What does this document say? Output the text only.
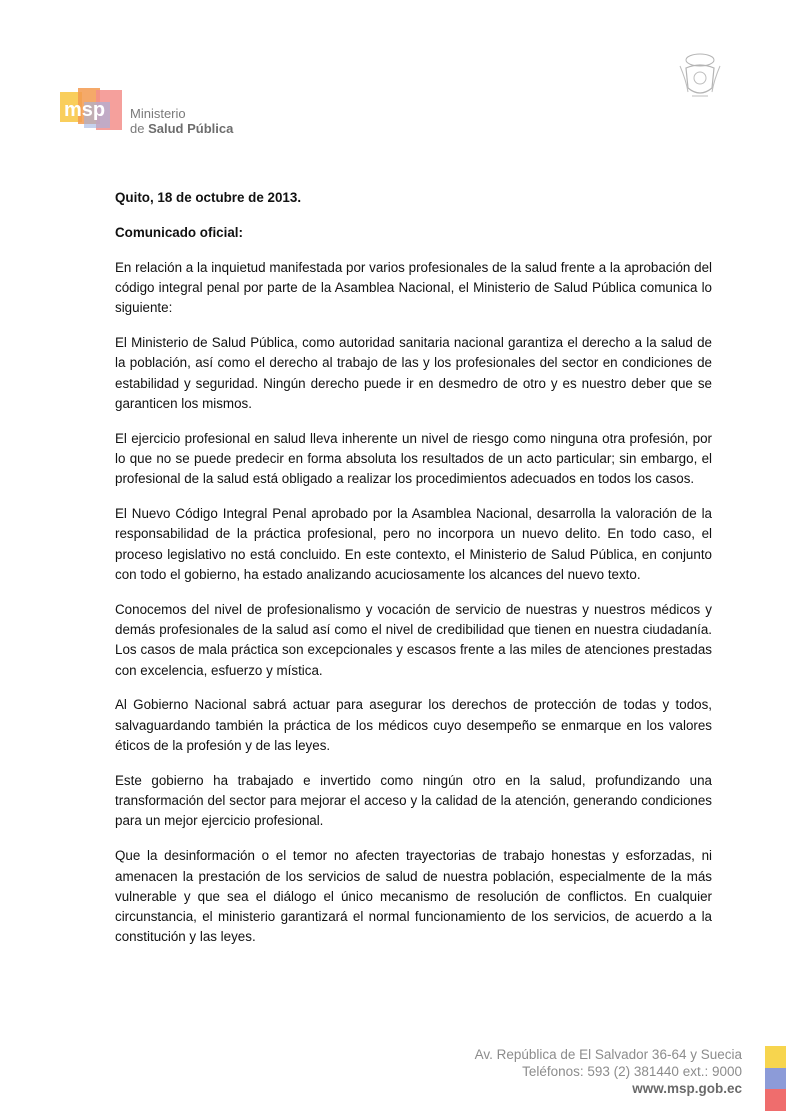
msp Ministerio
de Salud Pública

Quito, 18 de octubre de 2013.

Comunicado oficial:

En relación a la inquietud manifestada por varios profesionales de la salud frente a la aprobación del código integral penal por parte de la Asamblea Nacional, el Ministerio de Salud Pública comunica lo siguiente:

El Ministerio de Salud Pública, como autoridad sanitaria nacional garantiza el derecho a la salud de la población, así como el derecho al trabajo de las y los profesionales del sector en condiciones de estabilidad y seguridad. Ningún derecho puede ir en desmedro de otro y es nuestro deber que se garanticen los mismos.

El ejercicio profesional en salud lleva inherente un nivel de riesgo como ninguna otra profesión, por lo que no se puede predecir en forma absoluta los resultados de un acto particular; sin embargo, el profesional de la salud está obligado a realizar los procedimientos adecuados en todos los casos.

El Nuevo Código Integral Penal aprobado por la Asamblea Nacional, desarrolla la valoración de la responsabilidad de la práctica profesional, pero no incorpora un nuevo delito. En todo caso, el proceso legislativo no está concluido. En este contexto, el Ministerio de Salud Pública, en conjunto con todo el gobierno, ha estado analizando acuciosamente los alcances del nuevo texto.

Conocemos del nivel de profesionalismo y vocación de servicio de nuestras y nuestros médicos y demás profesionales de la salud así como el nivel de credibilidad que tienen en nuestra ciudadanía. Los casos de mala práctica son excepcionales y escasos frente a las miles de atenciones prestadas con excelencia, esfuerzo y mística.

Al Gobierno Nacional sabrá actuar para asegurar los derechos de protección de todas y todos, salvaguardando también la práctica de los médicos cuyo desempeño se enmarque en los valores éticos de la profesión y de las leyes.

Este gobierno ha trabajado e invertido como ningún otro en la salud, profundizando una transformación del sector para mejorar el acceso y la calidad de la atención, generando condiciones para un mejor ejercicio profesional.

Que la desinformación o el temor no afecten trayectorias de trabajo honestas y esforzadas, ni amenacen la prestación de los servicios de salud de nuestra población, especialmente de la más vulnerable y que sea el diálogo el único mecanismo de resolución de conflictos. En cualquier circunstancia, el ministerio garantizará el normal funcionamiento de los servicios, de acuerdo a la constitución y las leyes.

Av. República de El Salvador 36-64 y Suecia
Teléfonos: 593 (2) 381440 ext.: 9000
www.msp.gob.ec
